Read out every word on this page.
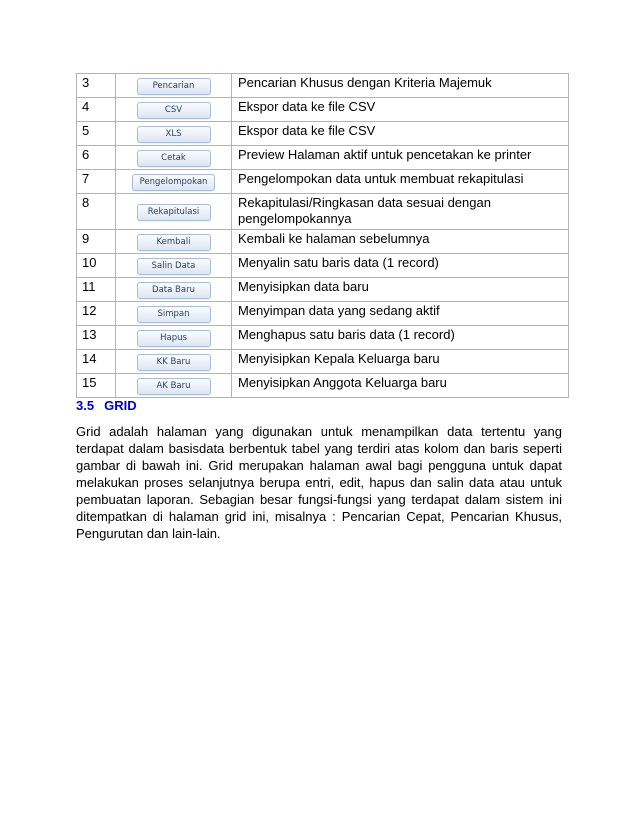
3	Pencarian	Pencarian Khusus dengan Kriteria Majemuk
4	CSV	Ekspor data ke file CSV
5	XLS	Ekspor data ke file CSV
6	Cetak	Preview Halaman aktif untuk pencetakan ke printer
7	Pengelompokan	Pengelompokan data untuk membuat rekapitulasi
8	Rekapitulasi	Rekapitulasi/Ringkasan data sesuai dengan pengelompokannya
9	Kembali	Kembali ke halaman sebelumnya
10	Salin Data	Menyalin satu baris data (1 record)
11	Data Baru	Menyisipkan data baru
12	Simpan	Menyimpan data yang sedang aktif
13	Hapus	Menghapus satu baris data (1 record)
14	KK Baru	Menyisipkan Kepala Keluarga baru
15	AK Baru	Menyisipkan Anggota Keluarga baru
3.5 GRID

Grid adalah halaman yang digunakan untuk menampilkan data tertentu yang terdapat dalam basisdata berbentuk tabel yang terdiri atas kolom dan baris seperti gambar di bawah ini. Grid merupakan halaman awal bagi pengguna untuk dapat melakukan proses selanjutnya berupa entri, edit, hapus dan salin data atau untuk pembuatan laporan. Sebagian besar fungsi-fungsi yang terdapat dalam sistem ini ditempatkan di halaman grid ini, misalnya : Pencarian Cepat, Pencarian Khusus, Pengurutan dan lain-lain.
